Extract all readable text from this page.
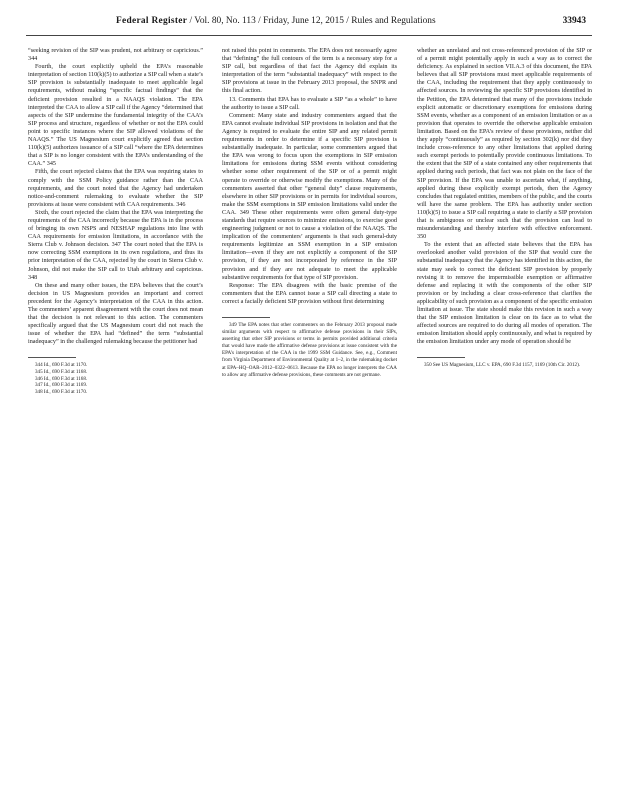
Federal Register / Vol. 80, No. 113 / Friday, June 12, 2015 / Rules and Regulations	33943

“seeking revision of the SIP was prudent, not arbitrary or capricious.” 344

Fourth, the court explicitly upheld the EPA’s reasonable interpretation of section 110(k)(5) to authorize a SIP call when a state’s SIP provision is substantially inadequate to meet applicable legal requirements, without making “specific factual findings” that the deficient provision resulted in a NAAQS violation. The EPA interpreted the CAA to allow a SIP call if the Agency “determined that aspects of the SIP undermine the fundamental integrity of the CAA’s SIP process and structure, regardless of whether or not the EPA could point to specific instances where the SIP allowed violations of the NAAQS.” The US Magnesium court explicitly agreed that section 110(k)(5) authorizes issuance of a SIP call “where the EPA determines that a SIP is no longer consistent with the EPA’s understanding of the CAA.” 345

Fifth, the court rejected claims that the EPA was requiring states to comply with the SSM Policy guidance rather than the CAA requirements, and the court noted that the Agency had undertaken notice-and-comment rulemaking to evaluate whether the SIP provisions at issue were consistent with CAA requirements. 346

Sixth, the court rejected the claim that the EPA was interpreting the requirements of the CAA incorrectly because the EPA is in the process of bringing its own NSPS and NESHAP regulations into line with CAA requirements for emission limitations, in accordance with the Sierra Club v. Johnson decision. 347 The court noted that the EPA is now correcting SSM exemptions in its own regulations, and thus its prior interpretation of the CAA, rejected by the court in Sierra Club v. Johnson, did not make the SIP call to Utah arbitrary and capricious. 348

On these and many other issues, the EPA believes that the court’s decision in US Magnesium provides an important and correct precedent for the Agency’s interpretation of the CAA in this action. The commenters’ apparent disagreement with the court does not mean that the decision is not relevant to this action. The commenters specifically argued that the US Magnesium court did not reach the issue of whether the EPA had “defined” the term “substantial inadequacy” in the challenged rulemaking because the petitioner had

344 Id., 690 F.3d at 1170.
345 Id., 690 F.3d at 1168.
346 Id., 690 F.3d at 1168.
347 Id., 690 F.3d at 1169.
348 Id., 690 F.3d at 1170.

not raised this point in comments. The EPA does not necessarily agree that “defining” the full contours of the term is a necessary step for a SIP call, but regardless of that fact the Agency did explain its interpretation of the term “substantial inadequacy” with respect to the SIP provisions at issue in the February 2013 proposal, the SNPR and this final action.

13. Comments that EPA has to evaluate a SIP “as a whole” to have the authority to issue a SIP call.

Comment: Many state and industry commenters argued that the EPA cannot evaluate individual SIP provisions in isolation and that the Agency is required to evaluate the entire SIP and any related permit requirements in order to determine if a specific SIP provision is substantially inadequate. In particular, some commenters argued that the EPA was wrong to focus upon the exemptions in SIP emission limitations for emissions during SSM events without considering whether some other requirement of the SIP or of a permit might operate to override or otherwise modify the exemptions. Many of the commenters asserted that other “general duty” clause requirements, elsewhere in other SIP provisions or in permits for individual sources, make the SSM exemptions in SIP emission limitations valid under the CAA. 349 These other requirements were often general duty-type standards that require sources to minimize emissions, to exercise good engineering judgment or not to cause a violation of the NAAQS. The implication of the commenters’ arguments is that such general-duty requirements legitimize an SSM exemption in a SIP emission limitation—even if they are not explicitly a component of the SIP provision, if they are not incorporated by reference in the SIP provision and if they are not adequate to meet the applicable substantive requirements for that type of SIP provision.

Response: The EPA disagrees with the basic premise of the commenters that the EPA cannot issue a SIP call directing a state to correct a facially deficient SIP provision without first determining

349 The EPA notes that other commenters on the February 2013 proposal made similar arguments with respect to affirmative defense provisions in their SIPs, asserting that other SIP provisions or terms in permits provided additional criteria that would have made the affirmative defense provisions at issue consistent with the EPA’s interpretation of the CAA in the 1999 SSM Guidance. See, e.g., Comment from Virginia Department of Environmental Quality at 1–2, in the rulemaking docket at EPA–HQ–OAR–2012–0322–0613. Because the EPA no longer interprets the CAA to allow any affirmative defense provisions, these comments are not germane.

whether an unrelated and not cross-referenced provision of the SIP or of a permit might potentially apply in such a way as to correct the deficiency. As explained in section VII.A.3 of this document, the EPA believes that all SIP provisions must meet applicable requirements of the CAA, including the requirement that they apply continuously to affected sources. In reviewing the specific SIP provisions identified in the Petition, the EPA determined that many of the provisions include explicit automatic or discretionary exemptions for emissions during SSM events, whether as a component of an emission limitation or as a provision that operates to override the otherwise applicable emission limitation. Based on the EPA’s review of these provisions, neither did they apply “continuously” as required by section 302(k) nor did they include cross-reference to any other limitations that applied during such exempt periods to potentially provide continuous limitations. To the extent that the SIP of a state contained any other requirements that applied during such periods, that fact was not plain on the face of the SIP provision. If the EPA was unable to ascertain what, if anything, applied during these explicitly exempt periods, then the Agency concludes that regulated entities, members of the public, and the courts will have the same problem. The EPA has authority under section 110(k)(5) to issue a SIP call requiring a state to clarify a SIP provision that is ambiguous or unclear such that the provision can lead to misunderstanding and thereby interfere with effective enforcement. 350

To the extent that an affected state believes that the EPA has overlooked another valid provision of the SIP that would cure the substantial inadequacy that the Agency has identified in this action, the state may seek to correct the deficient SIP provision by properly revising it to remove the impermissible exemption or affirmative defense and replacing it with the components of the other SIP provision or by including a clear cross-reference that clarifies the applicability of such provision as a component of the specific emission limitation at issue. The state should make this revision in such a way that the SIP emission limitation is clear on its face as to what the affected sources are required to do during all modes of operation. The emission limitation should apply continuously, and what is required by the emission limitation under any mode of operation should be

350 See US Magnesium, LLC v. EPA, 690 F.3d 1157, 1169 (10th Cir. 2012).
